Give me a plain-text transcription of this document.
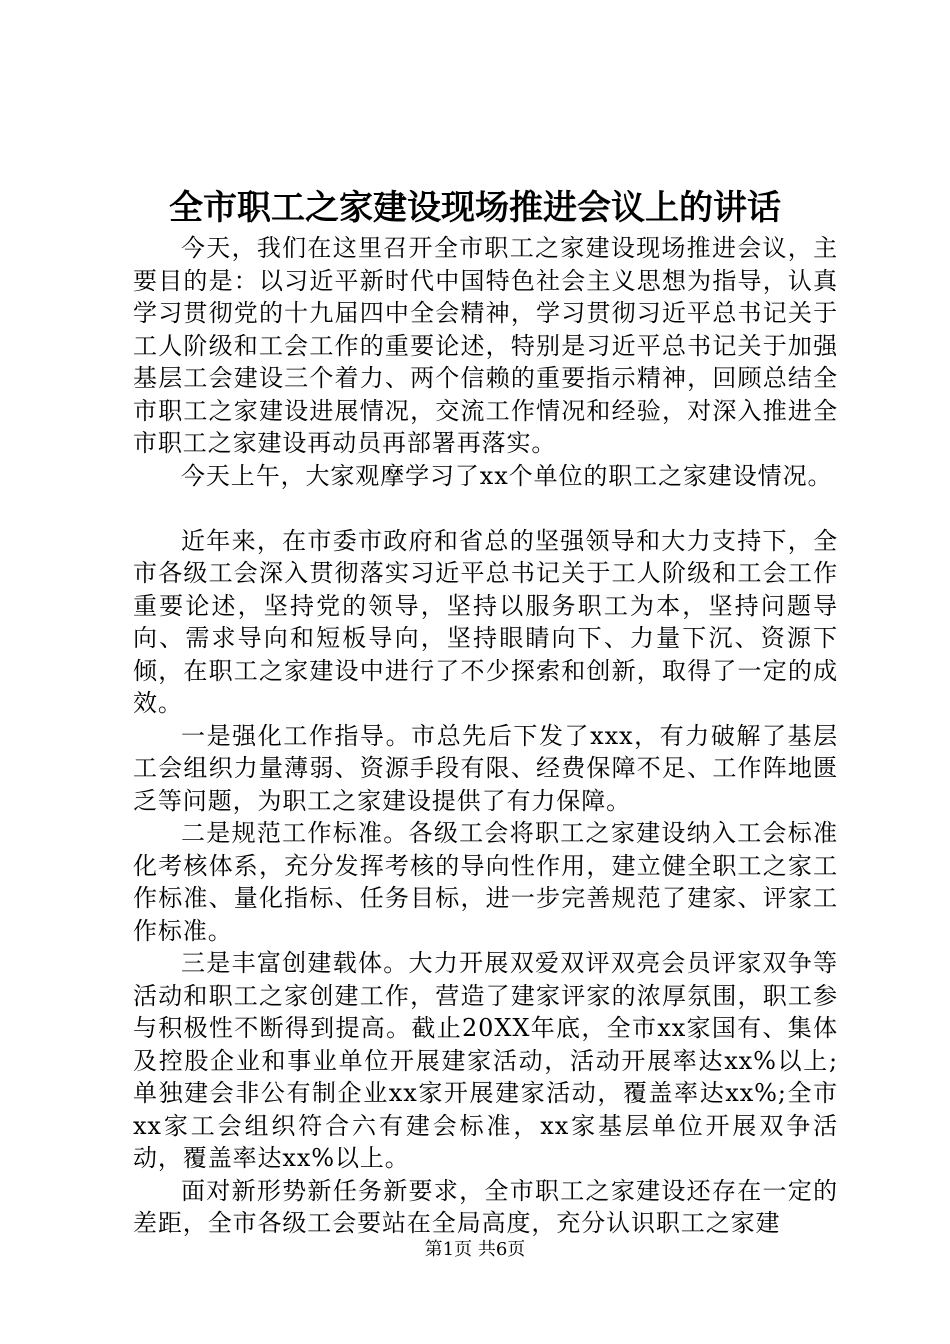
全市职工之家建设现场推进会议上的讲话

今天，我们在这里召开全市职工之家建设现场推进会议，主要目的是：以习近平新时代中国特色社会主义思想为指导，认真学习贯彻党的十九届四中全会精神，学习贯彻习近平总书记关于工人阶级和工会工作的重要论述，特别是习近平总书记关于加强基层工会建设三个着力、两个信赖的重要指示精神，回顾总结全市职工之家建设进展情况，交流工作情况和经验，对深入推进全市职工之家建设再动员再部署再落实。

今天上午，大家观摩学习了xx个单位的职工之家建设情况。

近年来，在市委市政府和省总的坚强领导和大力支持下，全市各级工会深入贯彻落实习近平总书记关于工人阶级和工会工作重要论述，坚持党的领导，坚持以服务职工为本，坚持问题导向、需求导向和短板导向，坚持眼睛向下、力量下沉、资源下倾，在职工之家建设中进行了不少探索和创新，取得了一定的成效。

一是强化工作指导。市总先后下发了xxx，有力破解了基层工会组织力量薄弱、资源手段有限、经费保障不足、工作阵地匮乏等问题，为职工之家建设提供了有力保障。

二是规范工作标准。各级工会将职工之家建设纳入工会标准化考核体系，充分发挥考核的导向性作用，建立健全职工之家工作标准、量化指标、任务目标，进一步完善规范了建家、评家工作标准。

三是丰富创建载体。大力开展双爱双评双亮会员评家双争等活动和职工之家创建工作，营造了建家评家的浓厚氛围，职工参与积极性不断得到提高。截止20XX年底，全市xx家国有、集体及控股企业和事业单位开展建家活动，活动开展率达xx%以上;单独建会非公有制企业xx家开展建家活动，覆盖率达xx%;全市xx家工会组织符合六有建会标准，xx家基层单位开展双争活动，覆盖率达xx%以上。

面对新形势新任务新要求，全市职工之家建设还存在一定的差距，全市各级工会要站在全局高度，充分认识职工之家建

第1页 共6页
